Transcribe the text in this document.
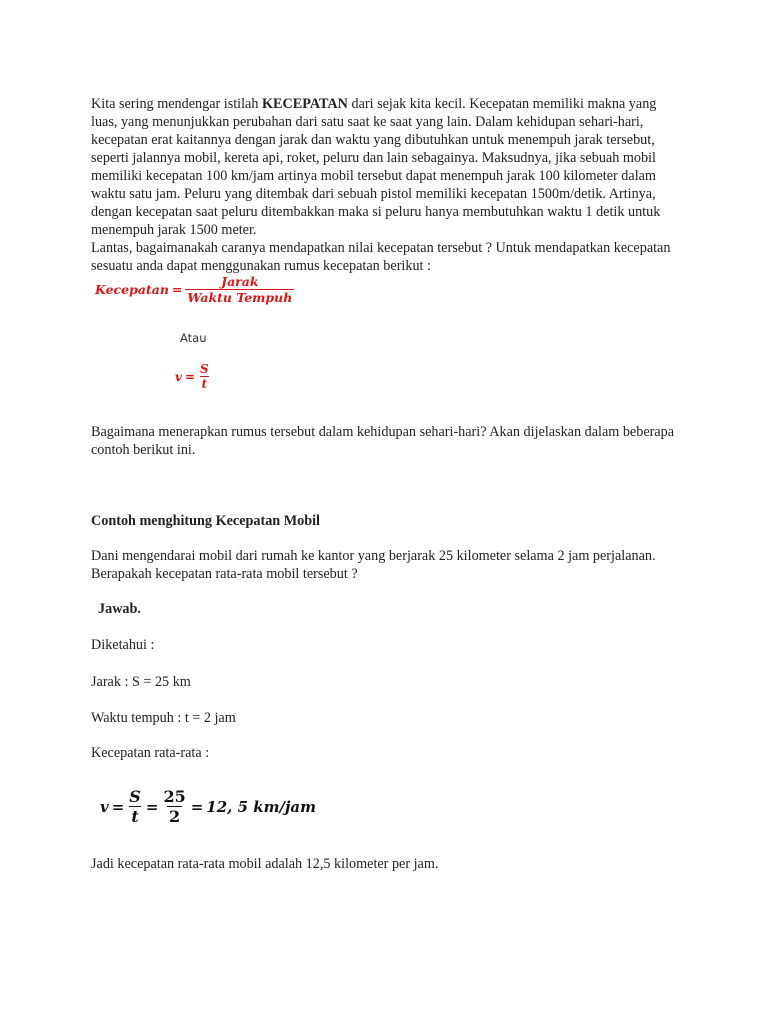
Kita sering mendengar istilah KECEPATAN dari sejak kita kecil. Kecepatan memiliki makna yang luas, yang menunjukkan perubahan dari satu saat ke saat yang lain. Dalam kehidupan sehari-hari, kecepatan erat kaitannya dengan jarak dan waktu yang dibutuhkan untuk menempuh jarak tersebut, seperti jalannya mobil, kereta api, roket, peluru dan lain sebagainya. Maksudnya, jika sebuah mobil memiliki kecepatan 100 km/jam artinya mobil tersebut dapat menempuh jarak 100 kilometer dalam waktu satu jam. Peluru yang ditembak dari sebuah pistol memiliki kecepatan 1500m/detik. Artinya, dengan kecepatan saat peluru ditembakkan maka si peluru hanya membutuhkan waktu 1 detik untuk menempuh jarak 1500 meter.

Lantas, bagaimanakah caranya mendapatkan nilai kecepatan tersebut ? Untuk mendapatkan kecepatan sesuatu anda dapat menggunakan rumus kecepatan berikut :

Kecepatan = $\frac{\text{Jarak}}{\text{Waktu Tempuh}}$
Atau
$v = \frac{S}{t}$

Bagaimana menerapkan rumus tersebut dalam kehidupan sehari-hari? Akan dijelaskan dalam beberapa contoh berikut ini.

Contoh menghitung Kecepatan Mobil

Dani mengendarai mobil dari rumah ke kantor yang berjarak 25 kilometer selama 2 jam perjalanan. Berapakah kecepatan rata-rata mobil tersebut ?

Jawab.

Diketahui :

Jarak : S = 25 km

Waktu tempuh : t = 2 jam

Kecepatan rata-rata :

$v = \frac{S}{t} = \frac{25}{2} = 12$, 5 km/jam

Jadi kecepatan rata-rata mobil adalah 12,5 kilometer per jam.
